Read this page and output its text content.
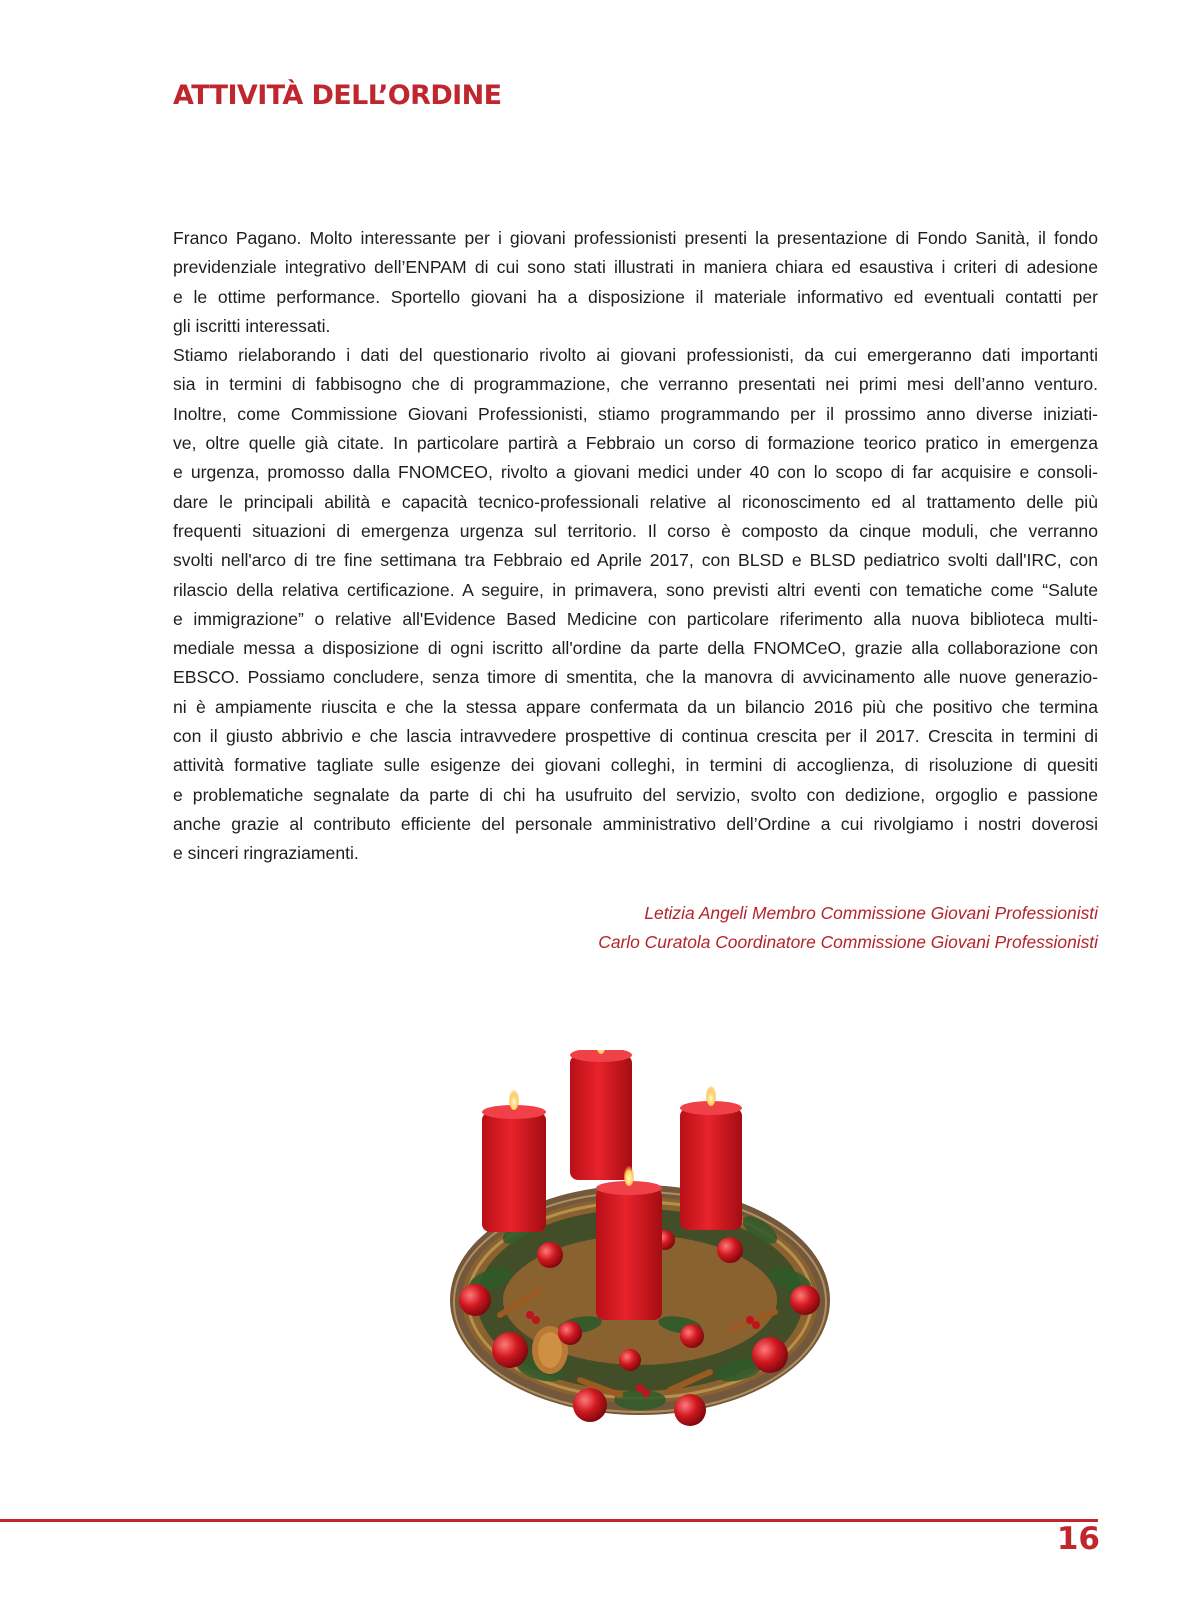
ATTIVITÀ DELL’ORDINE
Franco Pagano. Molto interessante per i giovani professionisti presenti la presentazione di Fondo Sanità, il fondo
previdenziale integrativo dell’ENPAM di cui sono stati illustrati in maniera chiara ed esaustiva i criteri di adesione
e le ottime performance. Sportello giovani ha a disposizione il materiale informativo ed eventuali contatti per
gli iscritti interessati.
Stiamo rielaborando i dati del questionario rivolto ai giovani professionisti, da cui emergeranno dati importanti
sia in termini di fabbisogno che di programmazione, che verranno presentati nei primi mesi dell’anno venturo.
Inoltre, come Commissione Giovani Professionisti, stiamo programmando per il prossimo anno diverse iniziati-
ve, oltre quelle già citate. In particolare partirà a Febbraio un corso di formazione teorico pratico in emergenza
e urgenza, promosso dalla FNOMCEO, rivolto a giovani medici under 40 con lo scopo di far acquisire e consoli-
dare le principali abilità e capacità tecnico-professionali relative al riconoscimento ed al trattamento delle più
frequenti situazioni di emergenza urgenza sul territorio. Il corso è composto da cinque moduli, che verranno
svolti nell'arco di tre fine settimana tra Febbraio ed Aprile 2017, con BLSD e BLSD pediatrico svolti dall'IRC, con
rilascio della relativa certificazione. A seguire, in primavera, sono previsti altri eventi con tematiche come “Salute
e immigrazione” o relative all'Evidence Based Medicine con particolare riferimento alla nuova biblioteca multi-
mediale messa a disposizione di ogni iscritto all'ordine da parte della FNOMCeO, grazie alla collaborazione con
EBSCO. Possiamo concludere, senza timore di smentita, che la manovra di avvicinamento alle nuove generazio-
ni è ampiamente riuscita e che la stessa appare confermata da un bilancio 2016 più che positivo che termina
con il giusto abbrivio e che lascia intravvedere prospettive di continua crescita per il 2017. Crescita in termini di
attività formative tagliate sulle esigenze dei giovani colleghi, in termini di accoglienza, di risoluzione di quesiti
e problematiche segnalate da parte di chi ha usufruito del servizio, svolto con dedizione, orgoglio e passione
anche grazie al contributo efficiente del personale amministrativo dell’Ordine a cui rivolgiamo i nostri doverosi
e sinceri ringraziamenti.
Letizia Angeli Membro Commissione Giovani Professionisti
Carlo Curatola Coordinatore Commissione Giovani Professionisti
16
